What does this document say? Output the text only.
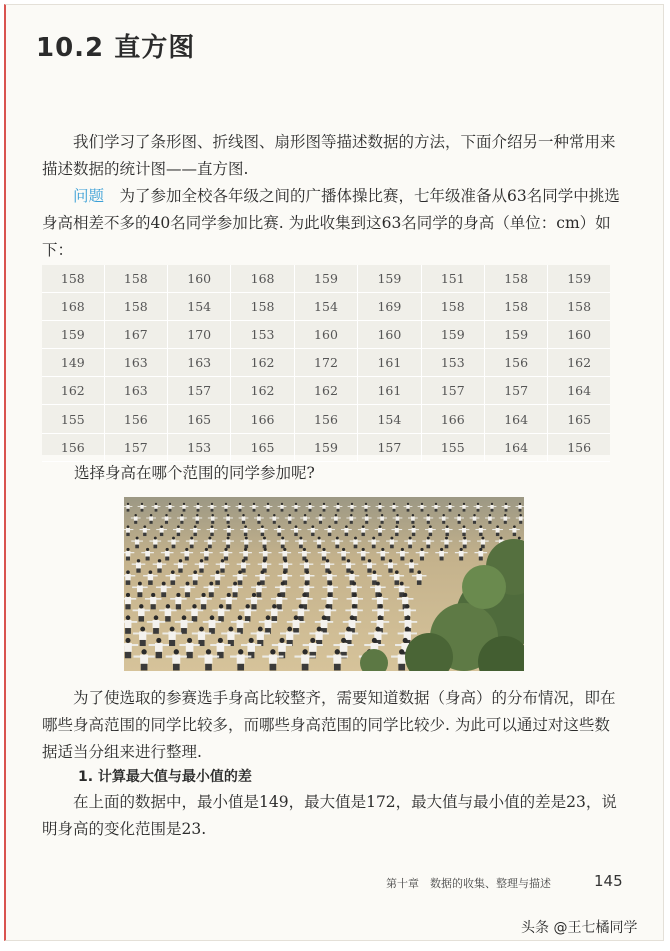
10.2 直方图

我们学习了条形图、折线图、扇形图等描述数据的方法，下面介绍另一种常用来描述数据的统计图——直方图.

问题　 为了参加全校各年级之间的广播体操比赛，七年级准备从63名同学中挑选身高相差不多的40名同学参加比赛. 为此收集到这63名同学的身高（单位：cm）如下：

158	158	160	168	159	159	151	158	159
168	158	154	158	154	169	158	158	158
159	167	170	153	160	160	159	159	160
149	163	163	162	172	161	153	156	162
162	163	157	162	162	161	157	157	164
155	156	165	166	156	154	166	164	165
156	157	153	165	159	157	155	164	156

选择身高在哪个范围的同学参加呢?

为了使选取的参赛选手身高比较整齐，需要知道数据（身高）的分布情况，即在哪些身高范围的同学比较多，而哪些身高范围的同学比较少. 为此可以通过对这些数据适当分组来进行整理.

1. 计算最大值与最小值的差

在上面的数据中，最小值是149，最大值是172，最大值与最小值的差是23，说明身高的变化范围是23.

第十章　数据的收集、整理与描述	145
头条 @王七橘同学
